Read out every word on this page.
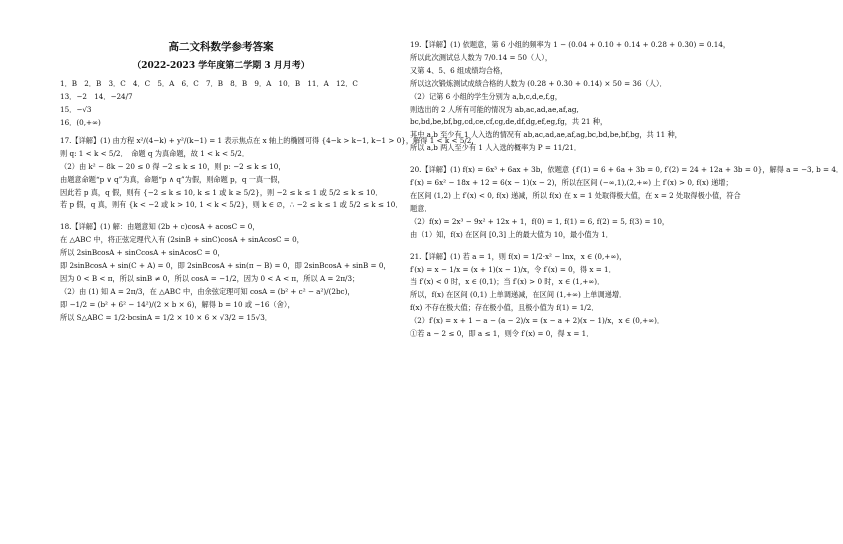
高二文科数学参考答案
（2022-2023 学年度第二学期 3 月月考）
1．B　2．B　3．C　4．C　5．A　6．C　7．B　8．B　9．A　10．B　11．A　12．C
13．−2　14．−24/7
15．−√3
16．(0,+∞)
17.【详解】(1) 由方程 x²/(4−k) + y²/(k−1) = 1 表示焦点在 x 轴上的椭圆可得 {4−k > k−1, k−1 > 0}，解得 1 < k < 5/2，
则 q: 1 < k < 5/2．　命题 q 为真命题，故 1 < k < 5/2．
（2）由 k² − 8k − 20 ≤ 0 得 −2 ≤ k ≤ 10，则 p: −2 ≤ k ≤ 10，
由题意命题“p ∨ q”为真，命题“p ∧ q”为假，则命题 p，q 一真一假，
因此若 p 真，q 假，则有 {−2 ≤ k ≤ 10, k ≤ 1 或 k ≥ 5/2}，则 −2 ≤ k ≤ 1 或 5/2 ≤ k ≤ 10．
若 p 假，q 真，则有 {k < −2 或 k > 10, 1 < k < 5/2}，则 k ∈ ∅，∴ −2 ≤ k ≤ 1 或 5/2 ≤ k ≤ 10．
18.【详解】(1) 解：由题意知 (2b + c)cosA + acosC = 0，
在 △ABC 中，将正弦定理代入有 (2sinB + sinC)cosA + sinAcosC = 0，
所以 2sinBcosA + sinCcosA + sinAcosC = 0，
即 2sinBcosA + sin(C + A) = 0，即 2sinBcosA + sin(π − B) = 0，即 2sinBcosA + sinB = 0，
因为 0 < B < π，所以 sinB ≠ 0，所以 cosA = −1/2，因为 0 < A < π，所以 A = 2π/3；
（2）由 (1) 知 A = 2π/3，在 △ABC 中，由余弦定理可知 cosA = (b² + c² − a²)/(2bc)，
即 −1/2 = (b² + 6² − 14²)/(2 × b × 6)，解得 b = 10 或 −16（舍），
所以 S△ABC = 1/2·bcsinA = 1/2 × 10 × 6 × √3/2 = 15√3．
19.【详解】(1) 依题意，第 6 小组的频率为 1 − (0.04 + 0.10 + 0.14 + 0.28 + 0.30) = 0.14，
所以此次测试总人数为 7/0.14 = 50（人），
又第 4、5、6 组成绩均合格，
所以这次锻炼测试成绩合格的人数为 (0.28 + 0.30 + 0.14) × 50 = 36（人）．
（2）记第 6 小组的学生分别为 a,b,c,d,e,f,g，
则选出的 2 人所有可能的情况为 ab,ac,ad,ae,af,ag,
bc,bd,be,bf,bg,cd,ce,cf,cg,de,df,dg,ef,eg,fg，共 21 种，
其中 a,b 至少有 1 人入选的情况有 ab,ac,ad,ae,af,ag,bc,bd,be,bf,bg，共 11 种，
所以 a,b 两人至少有 1 人入选的概率为 P = 11/21．
20.【详解】(1) f(x) = 6x³ + 6ax + 3b，依题意 {f′(1) = 6 + 6a + 3b = 0, f′(2) = 24 + 12a + 3b = 0}，解得 a = −3, b = 4．
f′(x) = 6x² − 18x + 12 = 6(x − 1)(x − 2)，所以在区间 (−∞,1),(2,+∞) 上 f′(x) > 0, f(x) 递增；
在区间 (1,2) 上 f′(x) < 0, f(x) 递减，所以 f(x) 在 x = 1 处取得极大值，在 x = 2 处取得极小值，符合
题意．
（2）f(x) = 2x³ − 9x² + 12x + 1，f(0) = 1, f(1) = 6, f(2) = 5, f(3) = 10，
由（1）知，f(x) 在区间 [0,3] 上的最大值为 10，最小值为 1．
21.【详解】(1) 若 a = 1，则 f(x) = 1/2·x² − lnx，x ∈ (0,+∞)，
f′(x) = x − 1/x = (x + 1)(x − 1)/x，令 f′(x) = 0，得 x = 1．
当 f′(x) < 0 时，x ∈ (0,1)；当 f′(x) > 0 时，x ∈ (1,+∞)．
所以，f(x) 在区间 (0,1) 上单调递减，在区间 (1,+∞) 上单调递增．
f(x) 不存在极大值；存在极小值，且极小值为 f(1) = 1/2．
（2）f′(x) = x + 1 − a − (a − 2)/x = (x − a + 2)(x − 1)/x，x ∈ (0,+∞)．
①若 a − 2 ≤ 0，即 a ≤ 1，则令 f′(x) = 0，得 x = 1．
